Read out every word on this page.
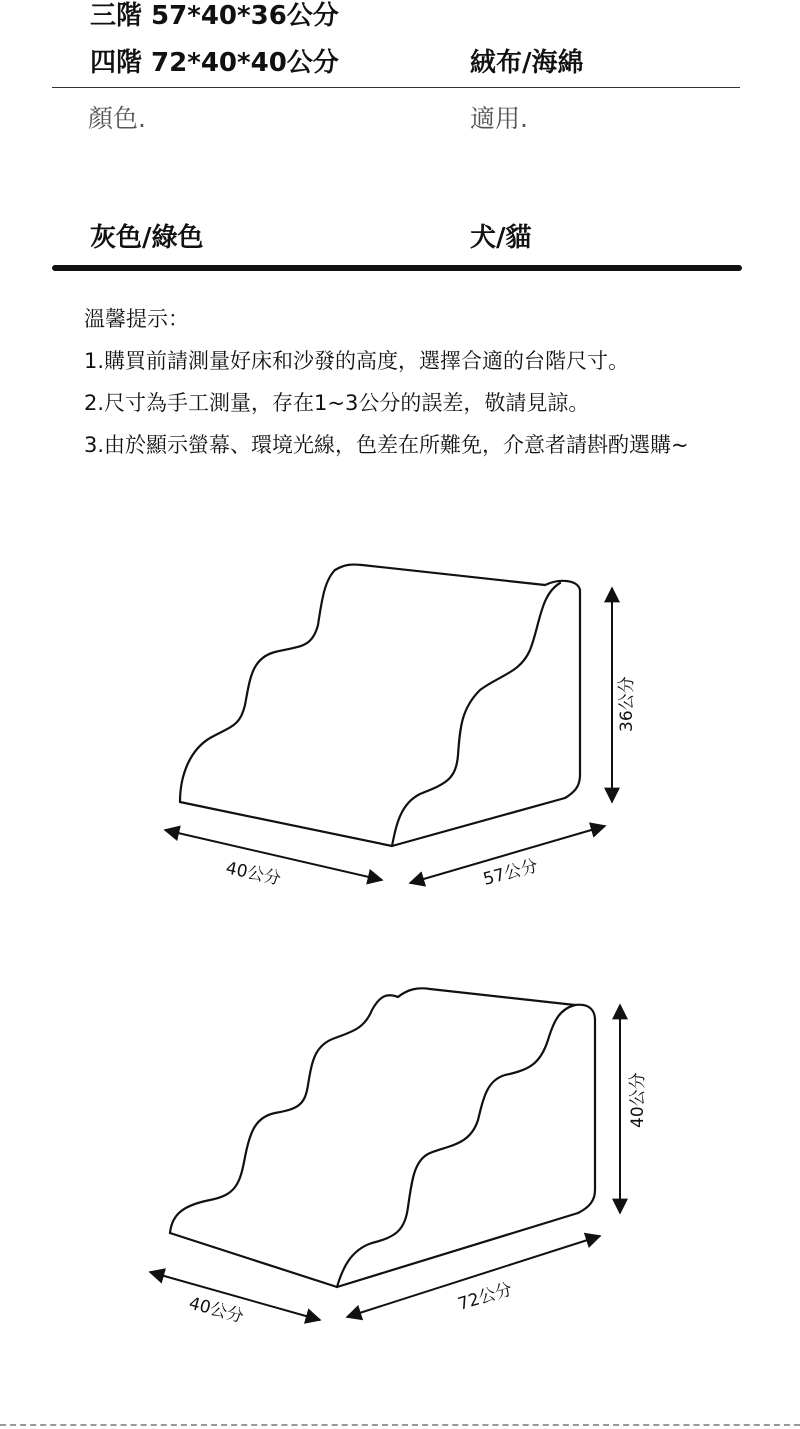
三階 57*40*36公分
四階 72*40*40公分	絨布/海綿
顏色.	適用.
灰色/綠色	犬/貓
溫馨提示：
1.購買前請測量好床和沙發的高度，選擇合適的台階尺寸。
2.尺寸為手工測量，存在1~3公分的誤差，敬請見諒。
3.由於顯示螢幕、環境光線，色差在所難免，介意者請斟酌選購~
40公分	57公分
36公分
40公分	72公分
40公分
